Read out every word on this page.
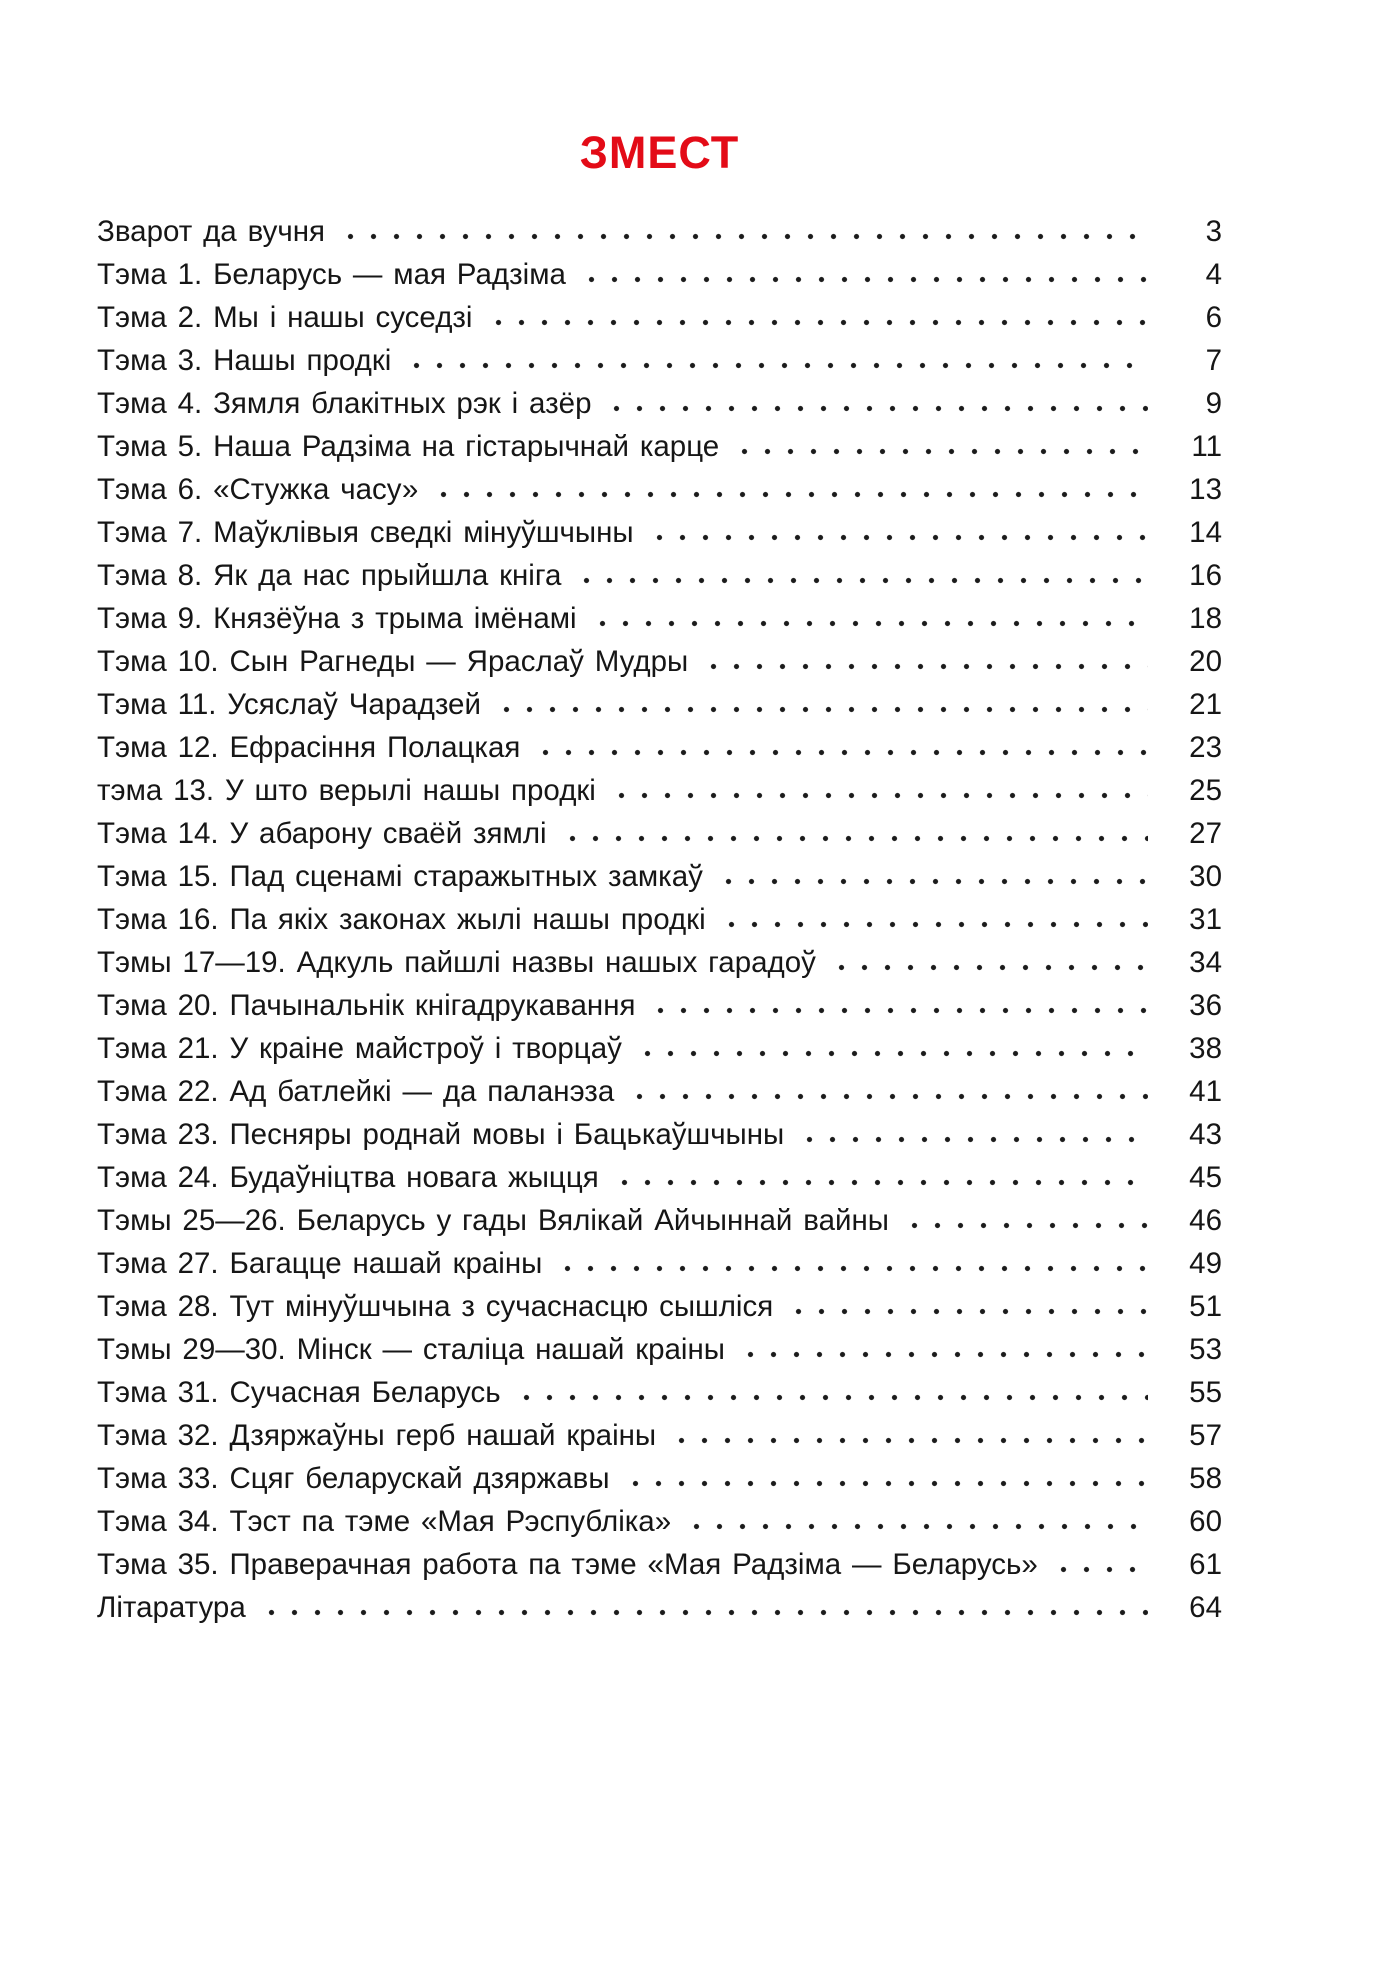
ЗМЕСТ
Зварот да вучня	3
Тэма 1. Беларусь — мая Радзіма	4
Тэма 2. Мы і нашы суседзі	6
Тэма 3. Нашы продкі	7
Тэма 4. Зямля блакітных рэк і азёр	9
Тэма 5. Наша Радзіма на гістарычнай карце	11
Тэма 6. «Стужка часу»	13
Тэма 7. Маўклівыя сведкі мінуўшчыны	14
Тэма 8. Як да нас прыйшла кніга	16
Тэма 9. Князёўна з трыма імёнамі	18
Тэма 10. Сын Рагнеды — Яраслаў Мудры	20
Тэма 11. Усяслаў Чарадзей	21
Тэма 12. Ефрасіння Полацкая	23
тэма 13. У што верылі нашы продкі	25
Тэма 14. У абарону сваёй зямлі	27
Тэма 15. Пад сценамі старажытных замкаў	30
Тэма 16. Па якіх законах жылі нашы продкі	31
Тэмы 17—19. Адкуль пайшлі назвы нашых гарадоў	34
Тэма 20. Пачынальнік кнігадрукавання	36
Тэма 21. У краіне майстроў і творцаў	38
Тэма 22. Ад батлейкі — да паланэза	41
Тэма 23. Песняры роднай мовы і Бацькаўшчыны	43
Тэма 24. Будаўніцтва новага жыцця	45
Тэмы 25—26. Беларусь у гады Вялікай Айчыннай вайны	46
Тэма 27. Багацце нашай краіны	49
Тэма 28. Тут мінуўшчына з сучаснасцю сышліся	51
Тэмы 29—30. Мінск — сталіца нашай краіны	53
Тэма 31. Сучасная Беларусь	55
Тэма 32. Дзяржаўны герб нашай краіны	57
Тэма 33. Сцяг беларускай дзяржавы	58
Тэма 34. Тэст па тэме «Мая Рэспубліка»	60
Тэма 35. Праверачная работа па тэме «Мая Радзіма — Беларусь»	61
Літаратура	64
